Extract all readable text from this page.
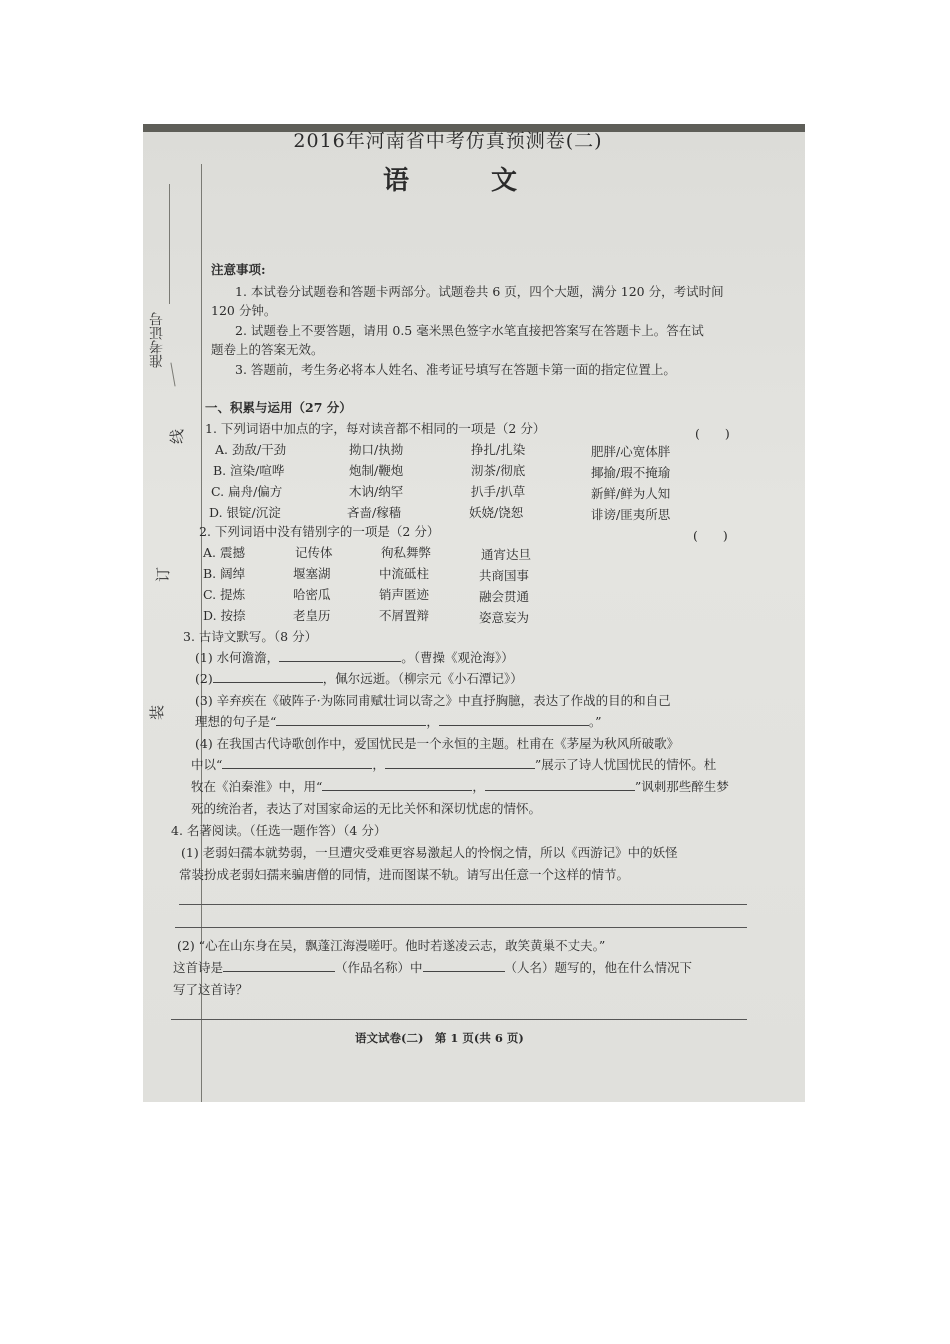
准考证号
线
订
装
2016年河南省中考仿真预测卷(二)
语　文
注意事项:
1. 本试卷分试题卷和答题卡两部分。试题卷共 6 页，四个大题，满分 120 分，考试时间
120 分钟。
2. 试题卷上不要答题，请用 0.5 毫米黑色签字水笔直接把答案写在答题卡上。答在试
题卷上的答案无效。
3. 答题前，考生务必将本人姓名、准考证号填写在答题卡第一面的指定位置上。
一、积累与运用（27 分）
1. 下列词语中加点的字，每对读音都不相同的一项是（2 分）	(　　)
A. 劲敌/干劲	拗口/执拗	挣扎/扎染	肥胖/心宽体胖
B. 渲染/喧哗	炮制/鞭炮	沏茶/彻底	揶揄/瑕不掩瑜
C. 扁舟/偏方	木讷/纳罕	扒手/扒草	新鲜/鲜为人知
D. 银锭/沉淀	吝啬/稼穑	妖娆/饶恕	诽谤/匪夷所思
2. 下列词语中没有错别字的一项是（2 分）	(　　)
A. 震撼	记传体	徇私舞弊	通宵达旦
B. 阔绰	堰塞湖	中流砥柱	共商国事
C. 提炼	哈密瓜	销声匿迹	融会贯通
D. 按捺	老皇历	不屑置辩	姿意妄为
3. 古诗文默写。（8 分）
(1) 水何澹澹，	。（曹操《观沧海》）
(2)	，佩尔远逝。（柳宗元《小石潭记》）
(3) 辛弃疾在《破阵子·为陈同甫赋壮词以寄之》中直抒胸臆，表达了作战的目的和自己
理想的句子是“	，	。”
(4) 在我国古代诗歌创作中，爱国忧民是一个永恒的主题。杜甫在《茅屋为秋风所破歌》
中以“	，	”展示了诗人忧国忧民的情怀。杜
牧在《泊秦淮》中，用“	，	”讽刺那些醉生梦
死的统治者，表达了对国家命运的无比关怀和深切忧虑的情怀。
4. 名著阅读。（任选一题作答）（4 分）
(1) 老弱妇孺本就势弱，一旦遭灾受难更容易激起人的怜悯之情，所以《西游记》中的妖怪
常装扮成老弱妇孺来骗唐僧的同情，进而图谋不轨。请写出任意一个这样的情节。
(2) “心在山东身在吴，飘蓬江海漫嗟吁。他时若遂凌云志，敢笑黄巢不丈夫。”
这首诗是	（作品名称）中	（人名）题写的，他在什么情况下
写了这首诗？
语文试卷(二)　第 1 页(共 6 页)
